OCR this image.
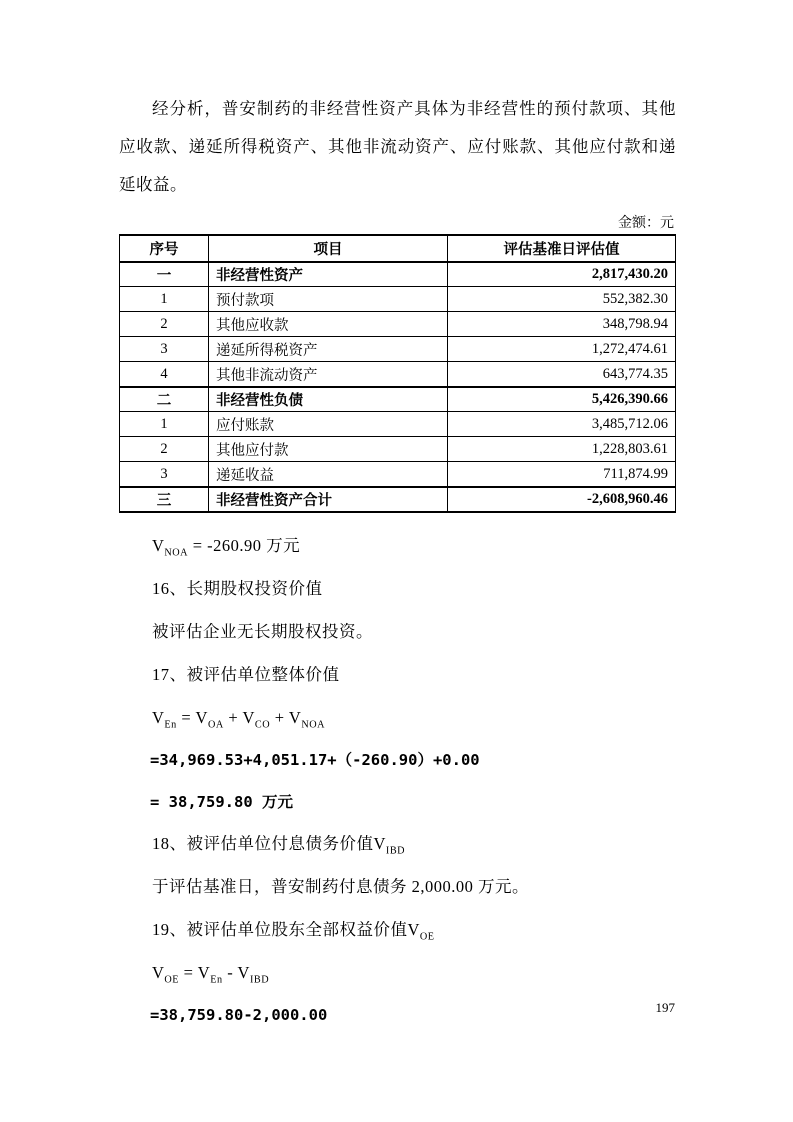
经分析，普安制药的非经营性资产具体为非经营性的预付款项、其他应收款、递延所得税资产、其他非流动资产、应付账款、其他应付款和递延收益。

金额：元
序号	项目	评估基准日评估值
一	非经营性资产	2,817,430.20
1	预付款项	552,382.30
2	其他应收款	348,798.94
3	递延所得税资产	1,272,474.61
4	其他非流动资产	643,774.35
二	非经营性负债	5,426,390.66
1	应付账款	3,485,712.06
2	其他应付款	1,228,803.61
3	递延收益	711,874.99
三	非经营性资产合计	-2,608,960.46

$V_{NOA} = -260.90$ 万元

16、长期股权投资价值

被评估企业无长期股权投资。

17、被评估单位整体价值

$V_{En} = V_{OA} + V_{CO} + V_{NOA}$

=34,969.53+4,051.17+（-260.90）+0.00

= 38,759.80 万元

18、被评估单位付息债务价值$V_{IBD}$

于评估基准日，普安制药付息债务 2,000.00 万元。

19、被评估单位股东全部权益价值$V_{OE}$

$V_{OE} = V_{En} - V_{IBD}$

=38,759.80-2,000.00	197
